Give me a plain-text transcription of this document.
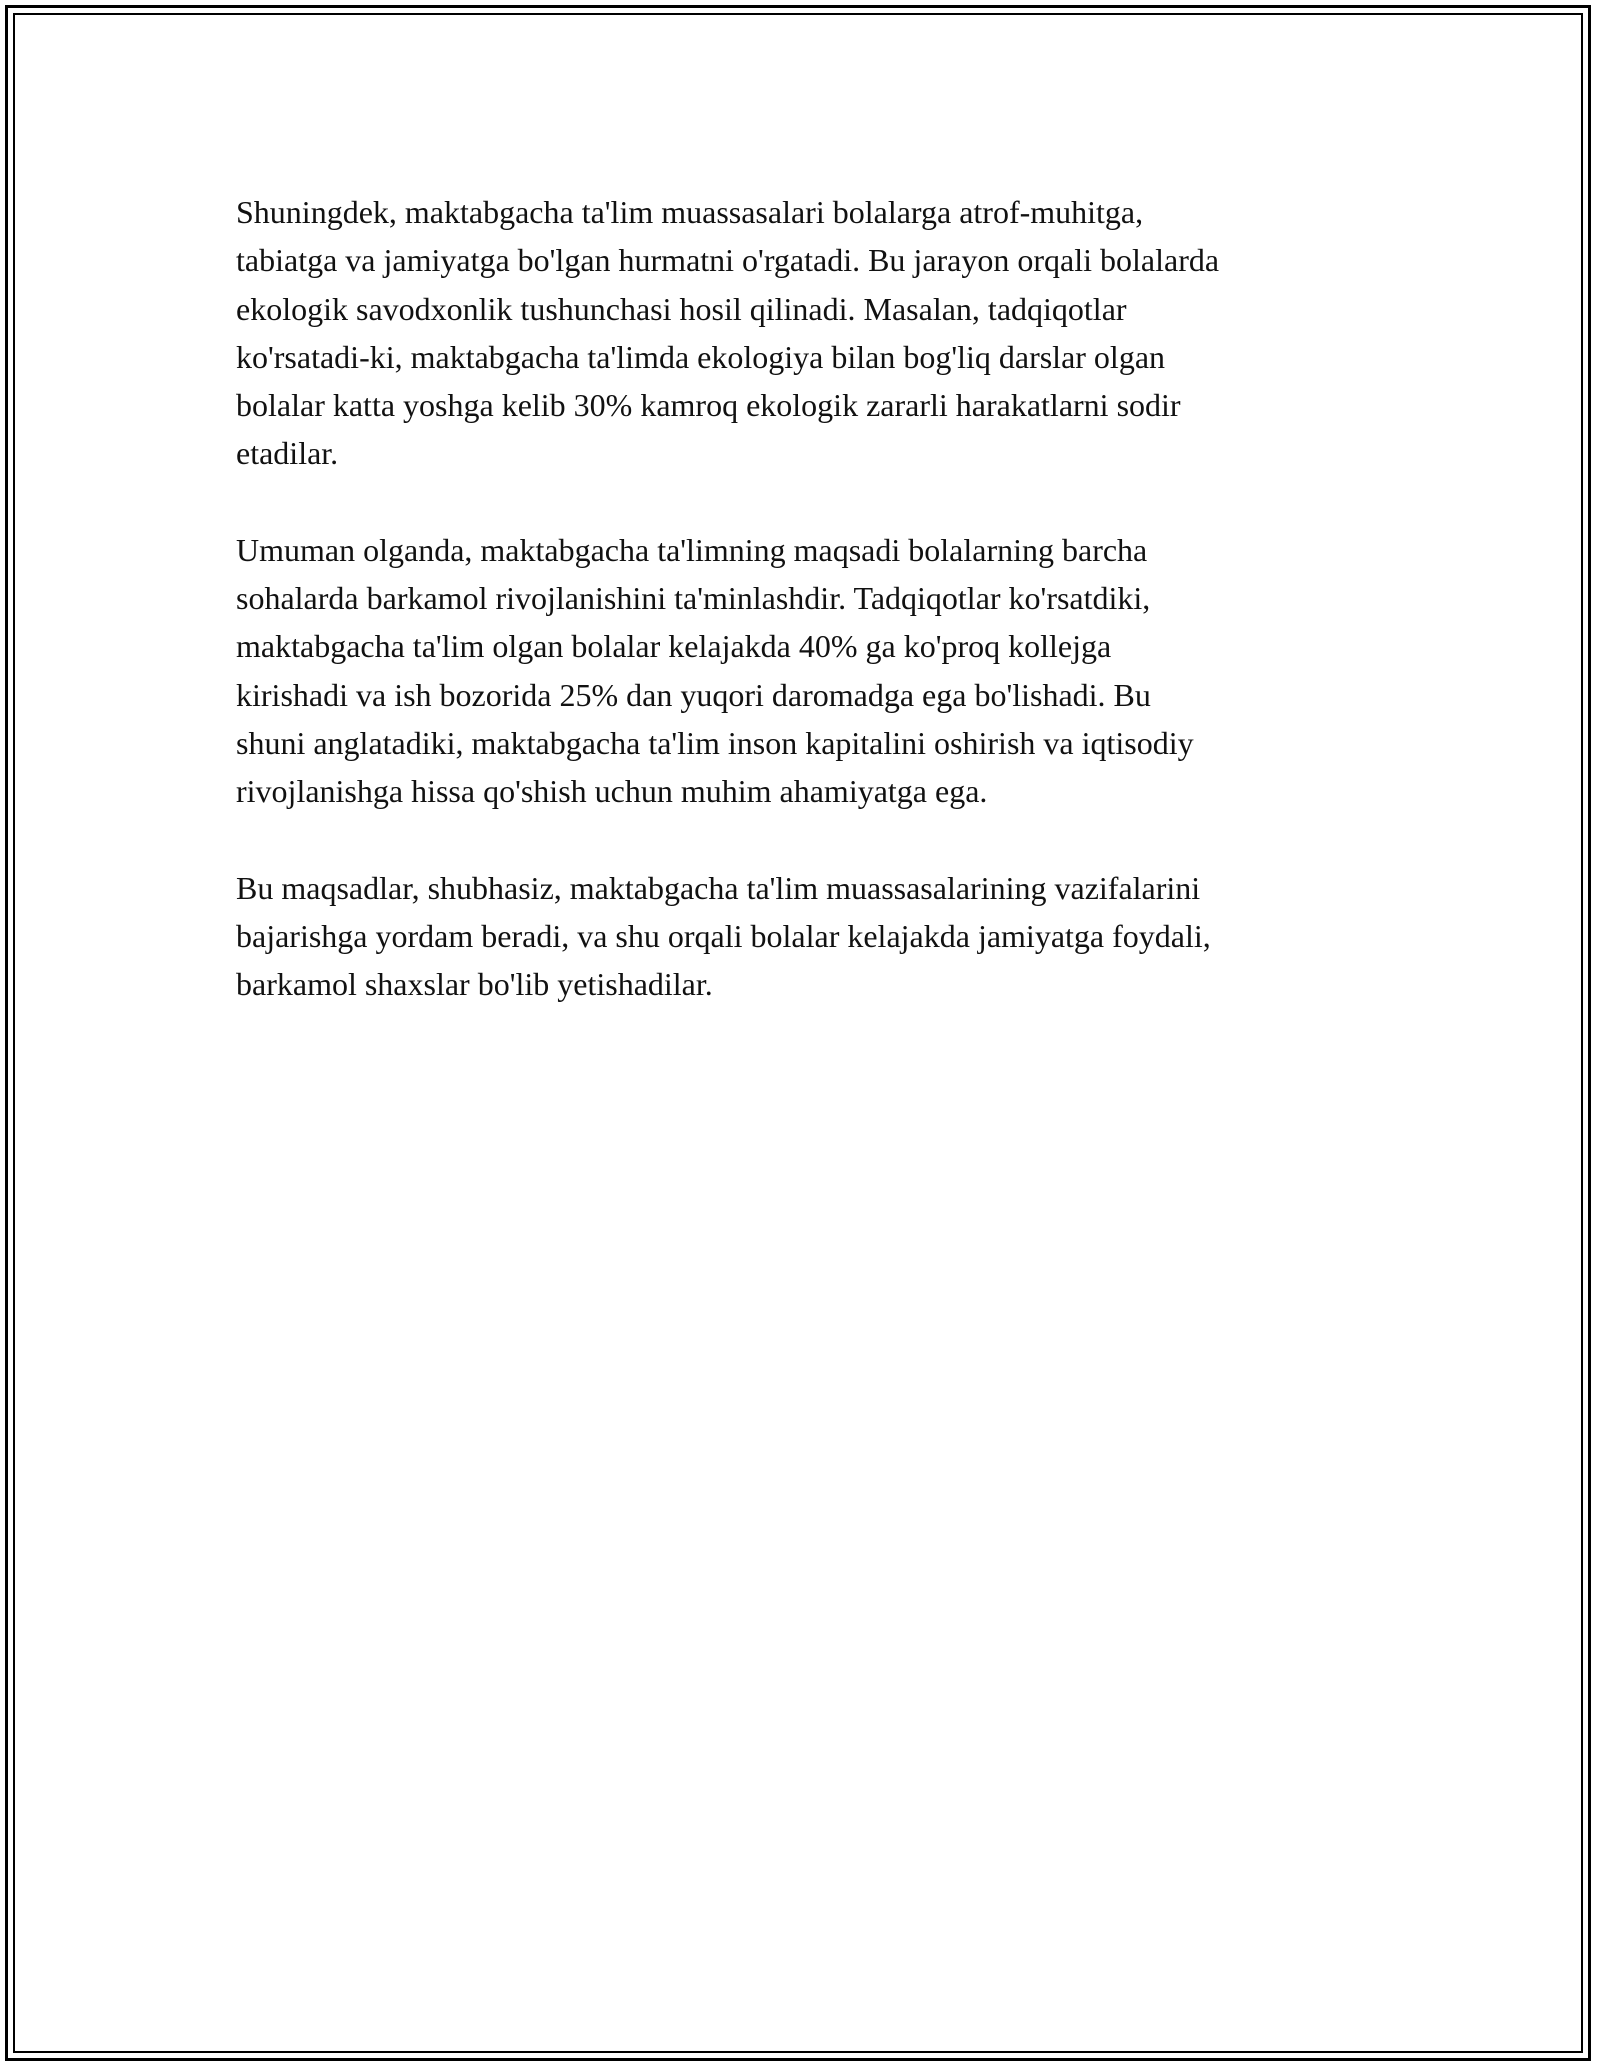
Shuningdek, maktabgacha ta'lim muassasalari bolalarga atrof-muhitga,
tabiatga va jamiyatga bo'lgan hurmatni o'rgatadi. Bu jarayon orqali bolalarda
ekologik savodxonlik tushunchasi hosil qilinadi. Masalan, tadqiqotlar
ko'rsatadi-ki, maktabgacha ta'limda ekologiya bilan bog'liq darslar olgan
bolalar katta yoshga kelib 30% kamroq ekologik zararli harakatlarni sodir
etadilar.

Umuman olganda, maktabgacha ta'limning maqsadi bolalarning barcha
sohalarda barkamol rivojlanishini ta'minlashdir. Tadqiqotlar ko'rsatdiki,
maktabgacha ta'lim olgan bolalar kelajakda 40% ga ko'proq kollejga
kirishadi va ish bozorida 25% dan yuqori daromadga ega bo'lishadi. Bu
shuni anglatadiki, maktabgacha ta'lim inson kapitalini oshirish va iqtisodiy
rivojlanishga hissa qo'shish uchun muhim ahamiyatga ega.

Bu maqsadlar, shubhasiz, maktabgacha ta'lim muassasalarining vazifalarini
bajarishga yordam beradi, va shu orqali bolalar kelajakda jamiyatga foydali,
barkamol shaxslar bo'lib yetishadilar.
